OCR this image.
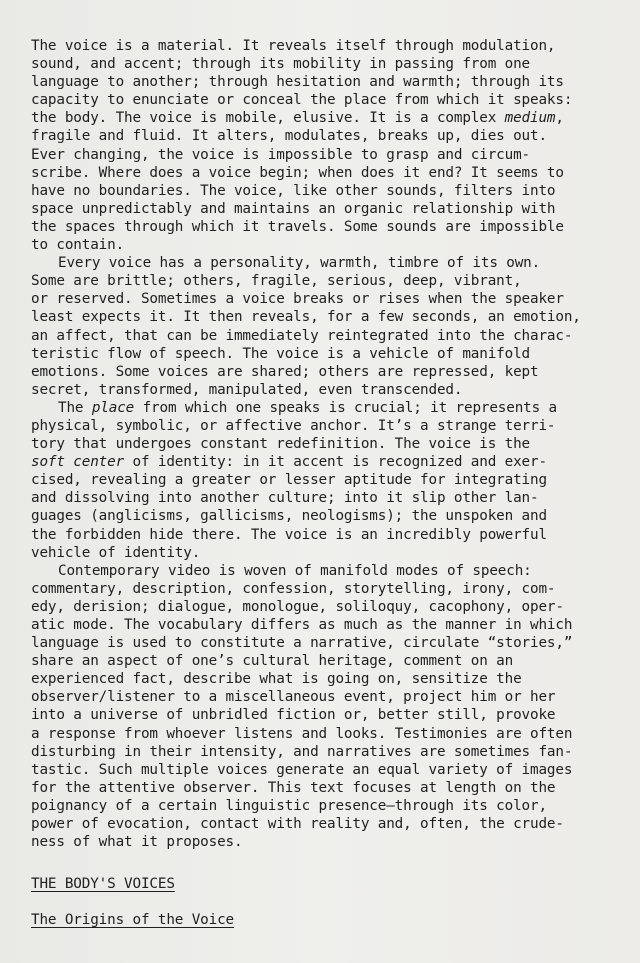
The voice is a material. It reveals itself through modulation,
sound, and accent; through its mobility in passing from one
language to another; through hesitation and warmth; through its
capacity to enunciate or conceal the place from which it speaks:
the body. The voice is mobile, elusive. It is a complex medium,
fragile and fluid. It alters, modulates, breaks up, dies out.
Ever changing, the voice is impossible to grasp and circum-
scribe. Where does a voice begin; when does it end? It seems to
have no boundaries. The voice, like other sounds, filters into
space unpredictably and maintains an organic relationship with
the spaces through which it travels. Some sounds are impossible
to contain.
Every voice has a personality, warmth, timbre of its own.
Some are brittle; others, fragile, serious, deep, vibrant,
or reserved. Sometimes a voice breaks or rises when the speaker
least expects it. It then reveals, for a few seconds, an emotion,
an affect, that can be immediately reintegrated into the charac-
teristic flow of speech. The voice is a vehicle of manifold
emotions. Some voices are shared; others are repressed, kept
secret, transformed, manipulated, even transcended.
The place from which one speaks is crucial; it represents a
physical, symbolic, or affective anchor. It’s a strange terri-
tory that undergoes constant redefinition. The voice is the
soft center of identity: in it accent is recognized and exer-
cised, revealing a greater or lesser aptitude for integrating
and dissolving into another culture; into it slip other lan-
guages (anglicisms, gallicisms, neologisms); the unspoken and
the forbidden hide there. The voice is an incredibly powerful
vehicle of identity.
Contemporary video is woven of manifold modes of speech:
commentary, description, confession, storytelling, irony, com-
edy, derision; dialogue, monologue, soliloquy, cacophony, oper-
atic mode. The vocabulary differs as much as the manner in which
language is used to constitute a narrative, circulate “stories,”
share an aspect of one’s cultural heritage, comment on an
experienced fact, describe what is going on, sensitize the
observer/listener to a miscellaneous event, project him or her
into a universe of unbridled fiction or, better still, provoke
a response from whoever listens and looks. Testimonies are often
disturbing in their intensity, and narratives are sometimes fan-
tastic. Such multiple voices generate an equal variety of images
for the attentive observer. This text focuses at length on the
poignancy of a certain linguistic presence—through its color,
power of evocation, contact with reality and, often, the crude-
ness of what it proposes.
THE BODY'S VOICES
The Origins of the Voice
